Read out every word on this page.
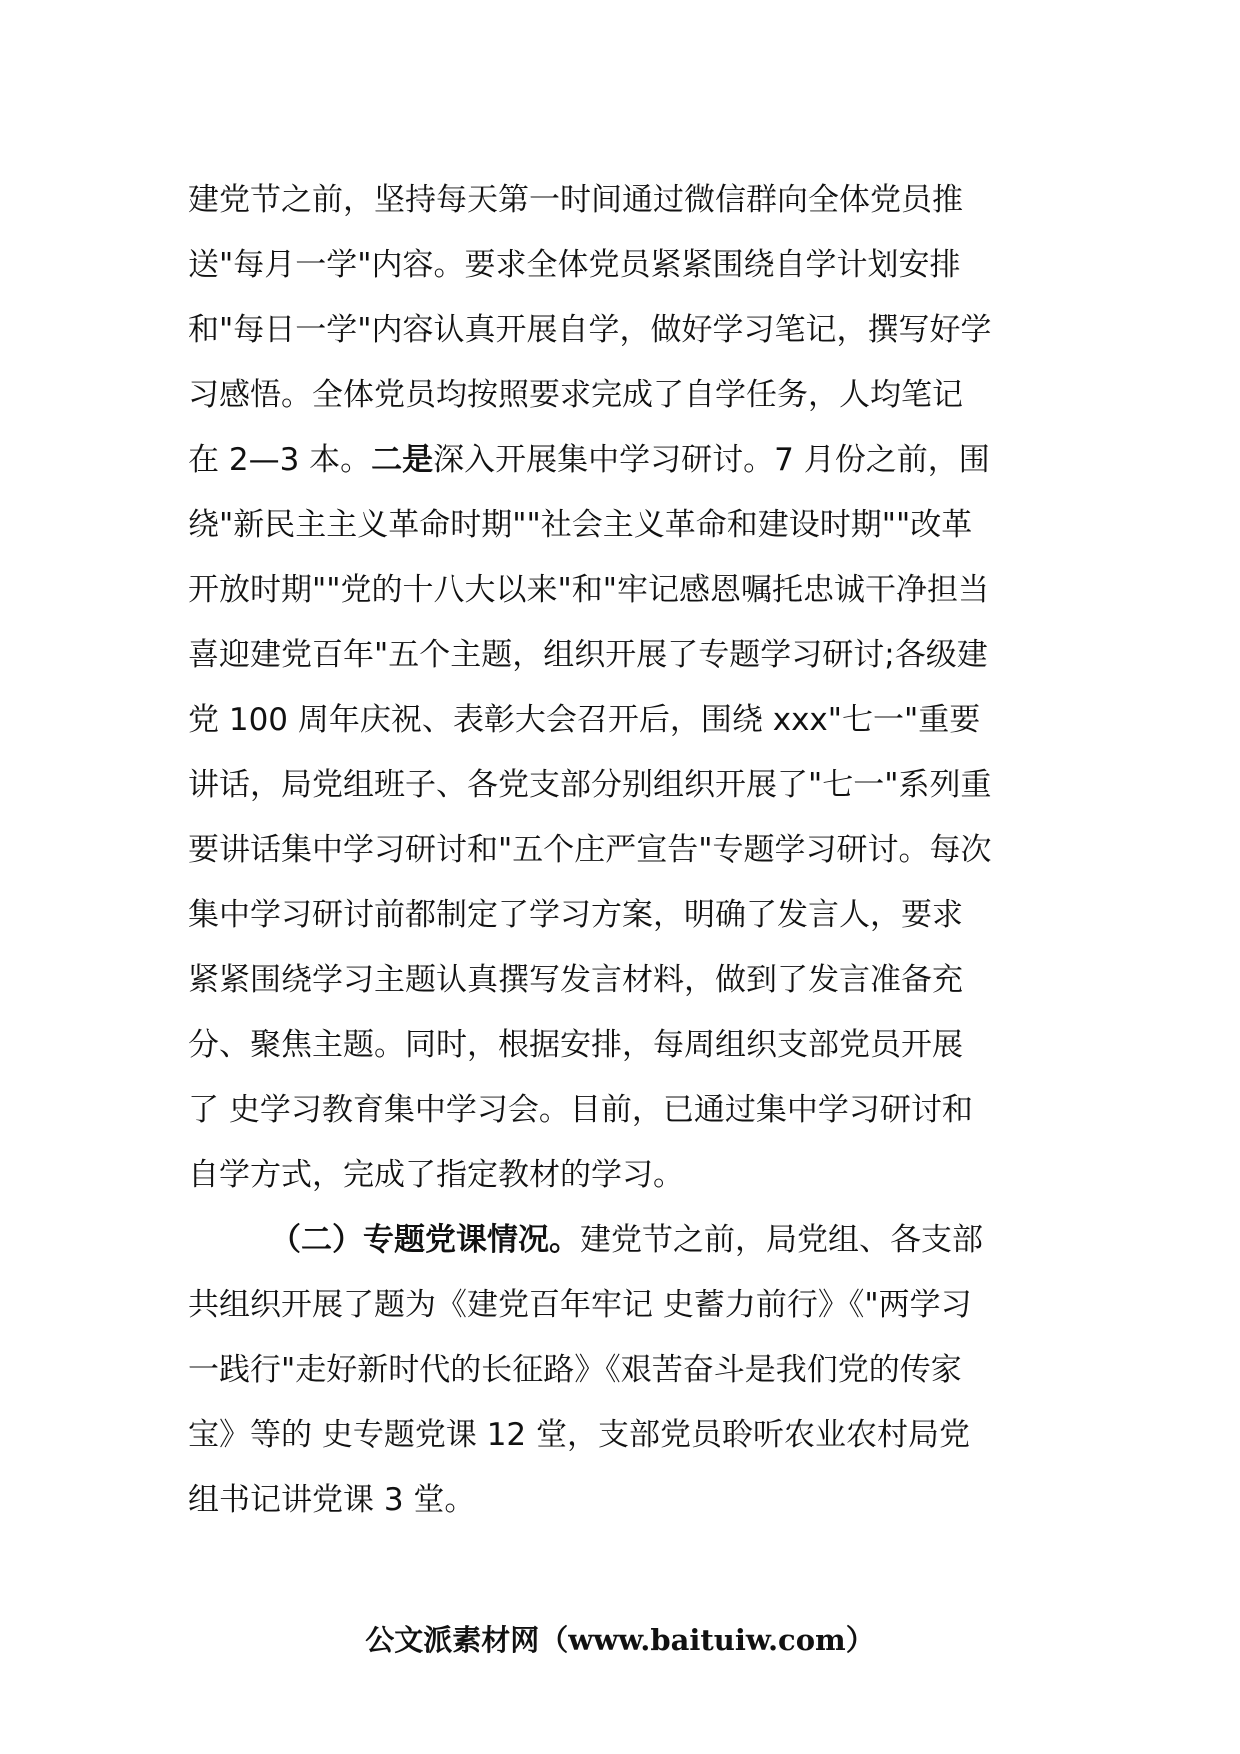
建党节之前，坚持每天第一时间通过微信群向全体党员推
送"每月一学"内容。要求全体党员紧紧围绕自学计划安排
和"每日一学"内容认真开展自学，做好学习笔记，撰写好学
习感悟。全体党员均按照要求完成了自学任务，人均笔记
在 2—3 本。二是深入开展集中学习研讨。7 月份之前，围
绕"新民主主义革命时期""社会主义革命和建设时期""改革
开放时期""党的十八大以来"和"牢记感恩嘱托忠诚干净担当
喜迎建党百年"五个主题，组织开展了专题学习研讨;各级建
党 100 周年庆祝、表彰大会召开后，围绕 xxx"七一"重要
讲话，局党组班子、各党支部分别组织开展了"七一"系列重
要讲话集中学习研讨和"五个庄严宣告"专题学习研讨。每次
集中学习研讨前都制定了学习方案，明确了发言人，要求
紧紧围绕学习主题认真撰写发言材料，做到了发言准备充
分、聚焦主题。同时，根据安排，每周组织支部党员开展
了 史学习教育集中学习会。目前，已通过集中学习研讨和
自学方式，完成了指定教材的学习。
（二）专题党课情况。建党节之前，局党组、各支部
共组织开展了题为《建党百年牢记 史蓄力前行》《"两学习
一践行"走好新时代的长征路》《艰苦奋斗是我们党的传家
宝》等的 史专题党课 12 堂，支部党员聆听农业农村局党
组书记讲党课 3 堂。
公文派素材网（www.baituiw.com）
